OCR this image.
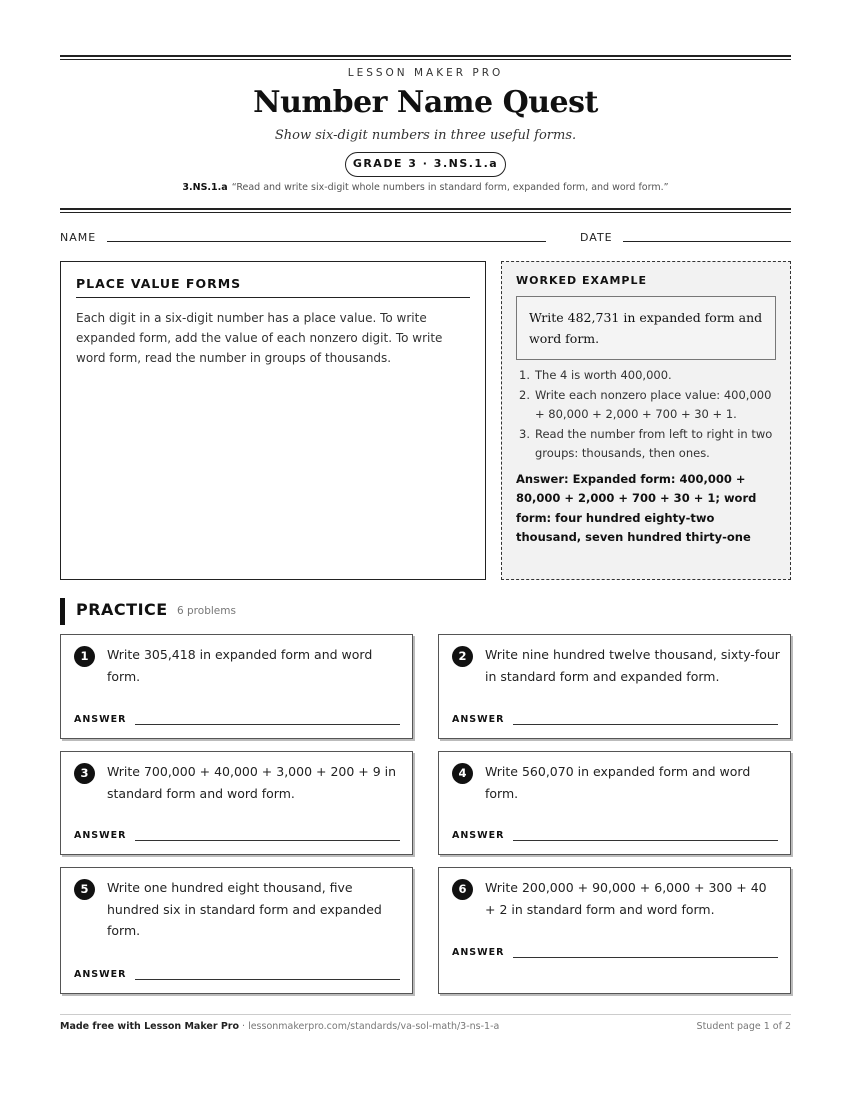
LESSON MAKER PRO
Number Name Quest
Show six-digit numbers in three useful forms.
GRADE 3 · 3.NS.1.a
3.NS.1.a “Read and write six-digit whole numbers in standard form, expanded form, and word form.”
NAME	DATE
PLACE VALUE FORMS
Each digit in a six-digit number has a place value. To write expanded form, add the value of each nonzero digit. To write word form, read the number in groups of thousands.
WORKED EXAMPLE
Write 482,731 in expanded form and word form.
1. The 4 is worth 400,000.
2. Write each nonzero place value: 400,000 + 80,000 + 2,000 + 700 + 30 + 1.
3. Read the number from left to right in two groups: thousands, then ones.
Answer: Expanded form: 400,000 + 80,000 + 2,000 + 700 + 30 + 1; word form: four hundred eighty-two thousand, seven hundred thirty-one
PRACTICE 6 problems
1	Write 305,418 in expanded form and word form.
ANSWER
2	Write nine hundred twelve thousand, sixty-four in standard form and expanded form.
ANSWER
3	Write 700,000 + 40,000 + 3,000 + 200 + 9 in standard form and word form.
ANSWER
4	Write 560,070 in expanded form and word form.
ANSWER
5	Write one hundred eight thousand, five hundred six in standard form and expanded form.
ANSWER
6	Write 200,000 + 90,000 + 6,000 + 300 + 40 + 2 in standard form and word form.
ANSWER
Made free with Lesson Maker Pro · lessonmakerpro.com/standards/va-sol-math/3-ns-1-a	Student page 1 of 2
